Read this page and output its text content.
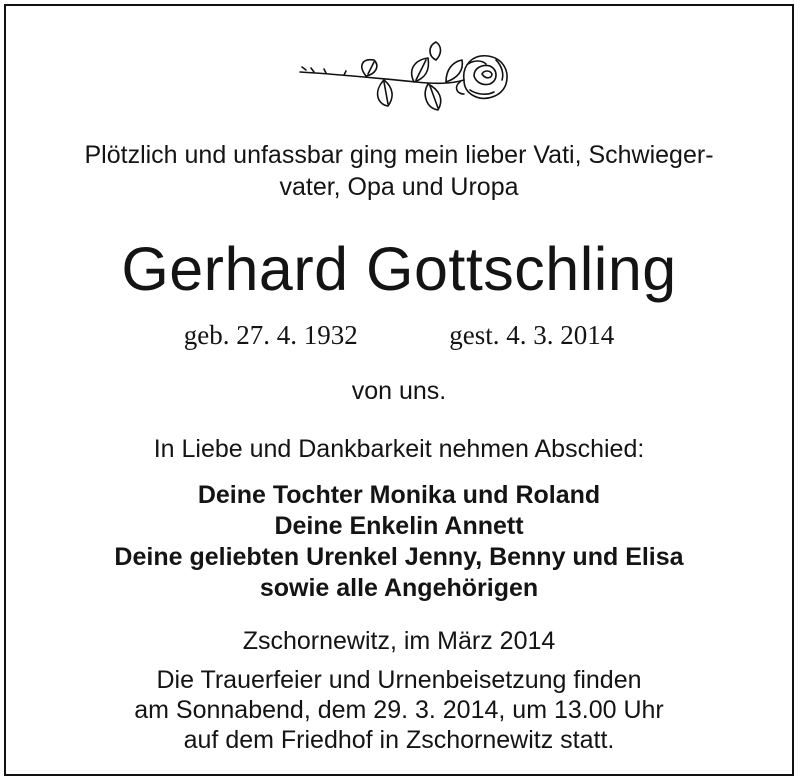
Plötzlich und unfassbar ging mein lieber Vati, Schwieger-
vater, Opa und Uropa
Gerhard Gottschling
geb. 27. 4. 1932	gest. 4. 3. 2014
von uns.
In Liebe und Dankbarkeit nehmen Abschied:
Deine Tochter Monika und Roland
Deine Enkelin Annett
Deine geliebten Urenkel Jenny, Benny und Elisa
sowie alle Angehörigen
Zschornewitz, im März 2014
Die Trauerfeier und Urnenbeisetzung finden
am Sonnabend, dem 29. 3. 2014, um 13.00 Uhr
auf dem Friedhof in Zschornewitz statt.
